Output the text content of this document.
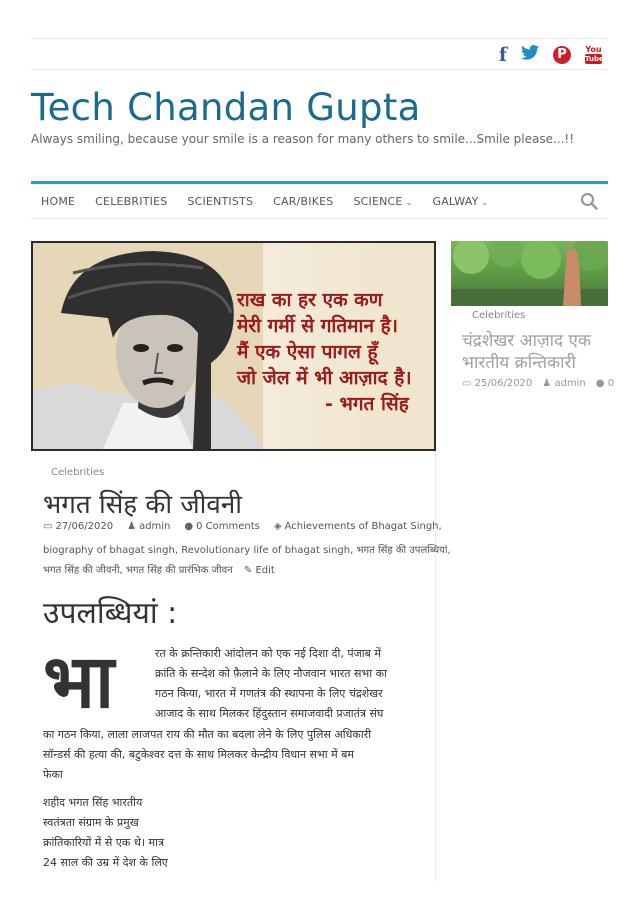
f	P	You
Tube
Tech Chandan Gupta
Always smiling, because your smile is a reason for many others to smile...Smile please...!!
HOME CELEBRITIES SCIENTISTS CAR/BIKES SCIENCE ⌄ GALWAY ⌄
राख का हर एक कण
मेरी गर्मी से गतिमान है।
मैं एक ऐसा पागल हूँ
जो जेल में भी आज़ाद है।
- भगत सिंह
Celebrities
भगत सिंह की जीवनी
▭ 27/06/2020 ♟ admin ● 0 Comments ◈ Achievements of Bhagat Singh,
biography of bhagat singh, Revolutionary life of bhagat singh, भगत सिंह की उपलब्धियां,
भगत सिंह की जीवनी, भगत सिंह की प्रारंभिक जीवन ✎ Edit
उपलब्धियां :
भा	रत के क्रन्तिकारी आंदोलन को एक नई दिशा दी, पंजाब में
क्रांति के सन्देश को फ़ैलाने के लिए नौजवान भारत सभा का
गठन किया, भारत में गणतंत्र की स्थापना के लिए चंद्रशेखर
आजाद के साथ मिलकर हिंदुस्तान समाजवादी प्रजातंत्र संघ
का गठन किया, लाला लाजपत राय की मौत का बदला लेने के लिए पुलिस अधिकारी
सॉन्डर्स की हत्या की, बटुकेश्वर दत्त के साथ मिलकर केन्द्रीय विधान सभा में बम
फेका
शहीद भगत सिंह भारतीय
स्वतंत्रता संग्राम के प्रमुख
क्रांतिकारियों में से एक थे। मात्र
24 साल की उम्र में देश के लिए
Celebrities
चंद्रशेखर आज़ाद एक भारतीय क्रन्तिकारी
▭ 25/06/2020 ♟ admin ● 0
